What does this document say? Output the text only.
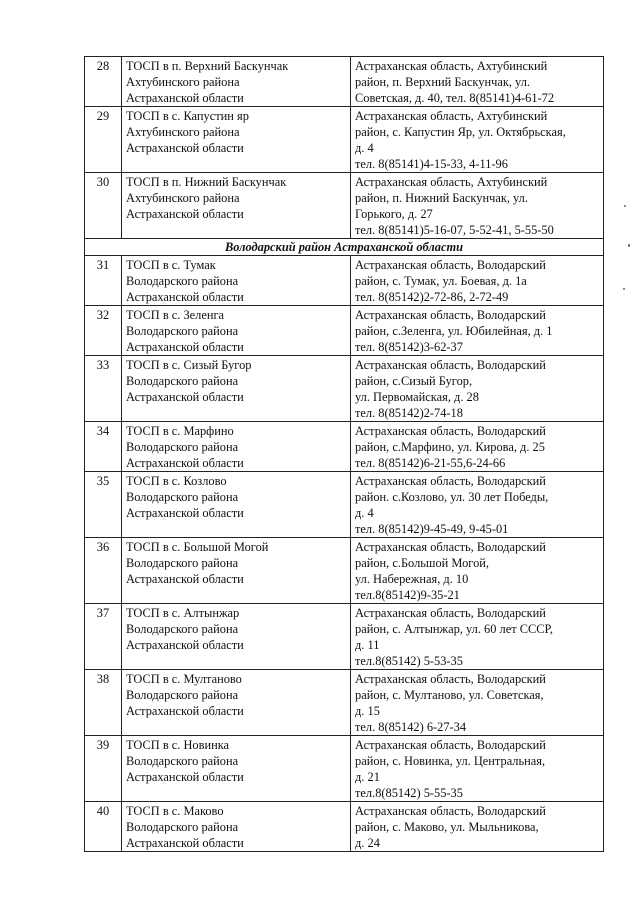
28	ТОСП в п. Верхний Баскунчак
Ахтубинского района
Астраханской области	Астраханская область, Ахтубинский
район, п. Верхний Баскунчак, ул.
Советская, д. 40, тел. 8(85141)4-61-72

29	ТОСП в с. Капустин яр
Ахтубинского района
Астраханской области	Астраханская область, Ахтубинский
район, с. Капустин Яр, ул. Октябрьская,
д. 4
тел. 8(85141)4-15-33, 4-11-96

30	ТОСП в п. Нижний Баскунчак
Ахтубинского района
Астраханской области	Астраханская область, Ахтубинский
район, п. Нижний Баскунчак, ул.
Горького, д. 27
тел. 8(85141)5-16-07, 5-52-41, 5-55-50

Володарский район Астраханской области		
31	ТОСП в с. Тумак
Володарского района
Астраханской области	Астраханская область, Володарский
район, с. Тумак, ул. Боевая, д. 1а
тел. 8(85142)2-72-86, 2-72-49

32	ТОСП в с. Зеленга
Володарского района
Астраханской области	Астраханская область, Володарский
район, с.Зеленга, ул. Юбилейная, д. 1
тел. 8(85142)3-62-37

33	ТОСП в с. Сизый Бугор
Володарского района
Астраханской области	Астраханская область, Володарский
район, с.Сизый Бугор,
ул. Первомайская, д. 28
тел. 8(85142)2-74-18

34	ТОСП в с. Марфино
Володарского района
Астраханской области	Астраханская область, Володарский
район, с.Марфино, ул. Кирова, д. 25
тел. 8(85142)6-21-55,6-24-66

35	ТОСП в с. Козлово
Володарского района
Астраханской области	Астраханская область, Володарский
район. с.Козлово, ул. 30 лет Победы,
д. 4
тел. 8(85142)9-45-49, 9-45-01

36	ТОСП в с. Большой Могой
Володарского района
Астраханской области	Астраханская область, Володарский
район, с.Большой Могой,
ул. Набережная, д. 10
тел.8(85142)9-35-21

37	ТОСП в с. Алтынжар
Володарского района
Астраханской области	Астраханская область, Володарский
район, с. Алтынжар, ул. 60 лет СССР,
д. 11
тел.8(85142) 5-53-35

38	ТОСП в с. Мултаново
Володарского района
Астраханской области	Астраханская область, Володарский
район, с. Мултаново, ул. Советская,
д. 15
тел. 8(85142) 6-27-34

39	ТОСП в с. Новинка
Володарского района
Астраханской области	Астраханская область, Володарский
район, с. Новинка, ул. Центральная,
д. 21
тел.8(85142) 5-55-35

40	ТОСП в с. Маково
Володарского района
Астраханской области	Астраханская область, Володарский
район, с. Маково, ул. Мыльникова,
д. 24
